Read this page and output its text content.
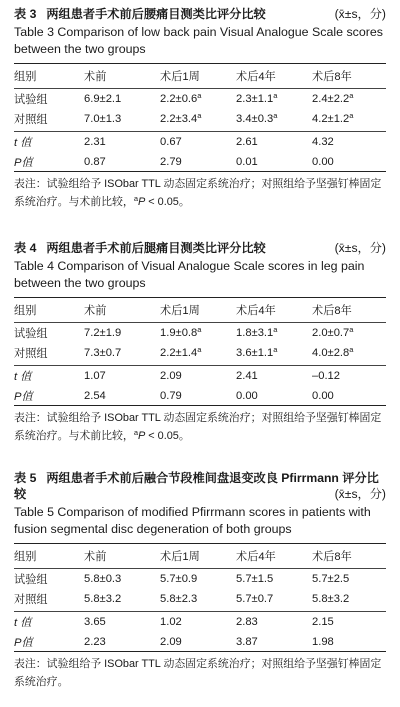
表 3 两组患者手术前后腰痛目测类比评分比较	(x̄±s，分)
Table 3 Comparison of low back pain Visual Analogue Scale scores between the two groups
组别	术前	术后1周	术后4年	术后8年

试验组	6.9±2.1	2.2±0.6$^a$	2.3±1.1$^a$	2.4±2.2$^a$
对照组	7.0±1.3	2.2±3.4$^a$	3.4±0.3$^a$	4.2±1.2$^a$

t 值	2.31	0.67	2.61	4.32
P值	0.87	2.79	0.01	0.00
表注：试验组给予 ISObar TTL 动态固定系统治疗；对照组给予坚强钉棒固定
系统治疗。与术前比较，$^a$P < 0.05。
表 4 两组患者手术前后腿痛目测类比评分比较	(x̄±s，分)
Table 4 Comparison of Visual Analogue Scale scores in leg pain between the two groups
组别	术前	术后1周	术后4年	术后8年

试验组	7.2±1.9	1.9±0.8$^a$	1.8±3.1$^a$	2.0±0.7$^a$
对照组	7.3±0.7	2.2±1.4$^a$	3.6±1.1$^a$	4.0±2.8$^a$

t 值	1.07	2.09	2.41	–0.12
P值	2.54	0.79	0.00	0.00
表注：试验组给予 ISObar TTL 动态固定系统治疗；对照组给予坚强钉棒固定
系统治疗。与术前比较，$^a$P < 0.05。
表 5 两组患者手术前后融合节段椎间盘退变改良 Pfirrmann 评分比
较	(x̄±s，分)
Table 5 Comparison of modified Pfirrmann scores in patients with fusion segmental disc degeneration of both groups
组别	术前	术后1周	术后4年	术后8年

试验组	5.8±0.3	5.7±0.9	5.7±1.5	5.7±2.5
对照组	5.8±3.2	5.8±2.3	5.7±0.7	5.8±3.2

t 值	3.65	1.02	2.83	2.15
P值	2.23	2.09	3.87	1.98
表注：试验组给予 ISObar TTL 动态固定系统治疗；对照组给予坚强钉棒固定
系统治疗。
